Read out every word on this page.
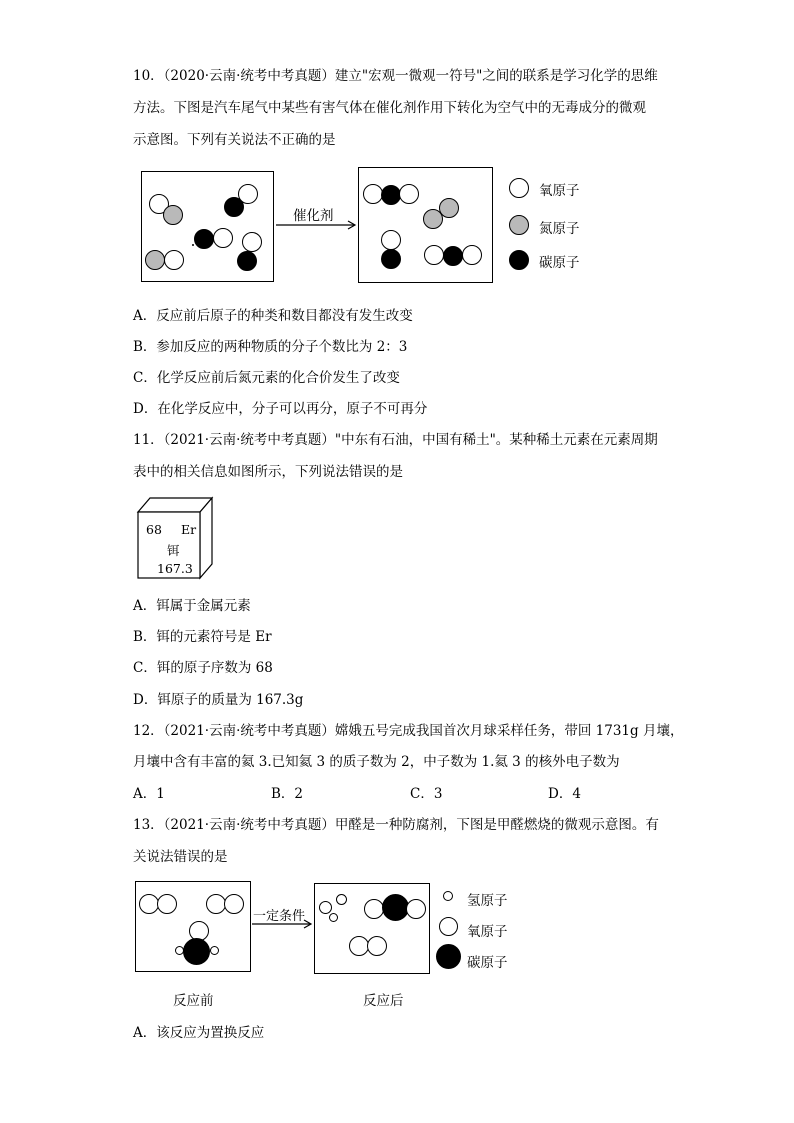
10．（2020·云南·统考中考真题）建立"宏观一微观一符号"之间的联系是学习化学的思维
方法。下图是汽车尾气中某些有害气体在催化剂作用下转化为空气中的无毒成分的微观
示意图。下列有关说法不正确的是
催化剂
氧原子
氮原子
碳原子
A．反应前后原子的种类和数目都没有发生改变
B．参加反应的两种物质的分子个数比为 2：3
C．化学反应前后氮元素的化合价发生了改变
D．在化学反应中，分子可以再分，原子不可再分
11．（2021·云南·统考中考真题）"中东有石油，中国有稀土"。某种稀土元素在元素周期
表中的相关信息如图所示，下列说法错误的是
68 Er
铒
167.3
A．铒属于金属元素
B．铒的元素符号是 Er
C．铒的原子序数为 68
D．铒原子的质量为 167.3g
12．（2021·云南·统考中考真题）嫦娥五号完成我国首次月球采样任务，带回 1731g 月壤，
月壤中含有丰富的氦 3.已知氦 3 的质子数为 2，中子数为 1.氦 3 的核外电子数为
A．1	B．2	C．3	D．4
13．（2021·云南·统考中考真题）甲醛是一种防腐剂，下图是甲醛燃烧的微观示意图。有
关说法错误的是
一定条件
氢原子
氧原子
碳原子
反应前	反应后
A．该反应为置换反应
